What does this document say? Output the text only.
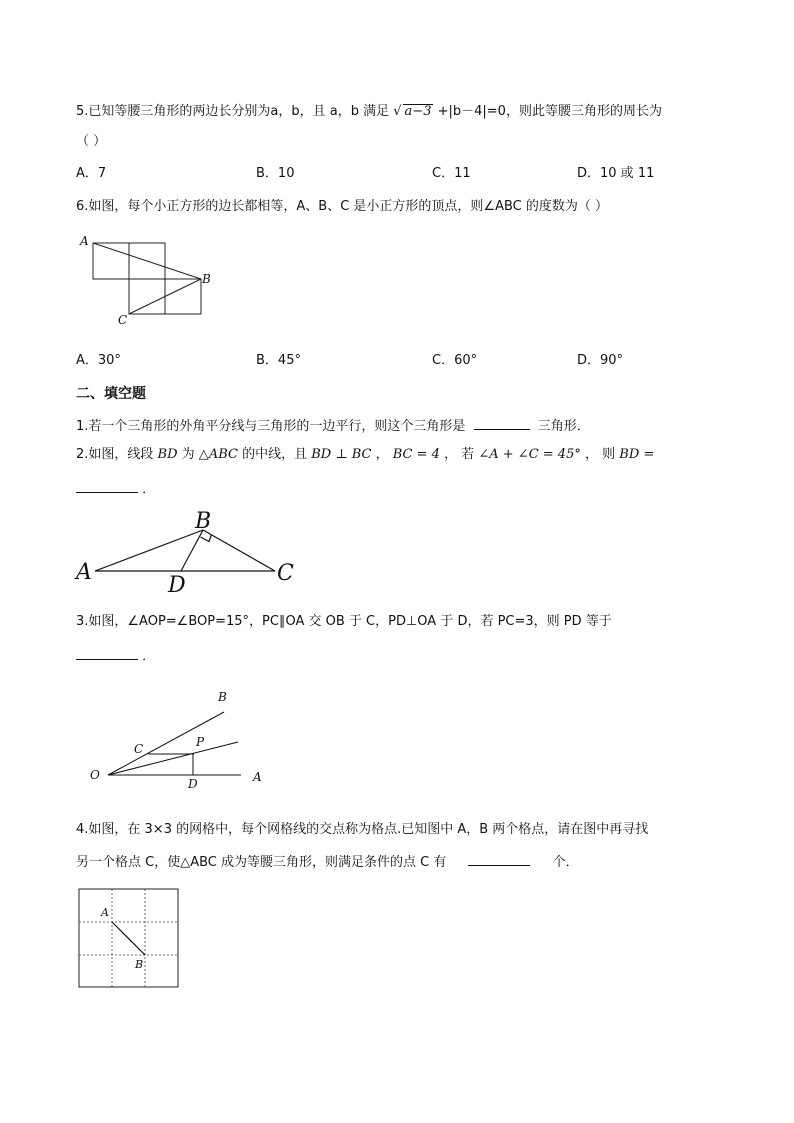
5.已知等腰三角形的两边长分别为a，b，且 a，b 满足 √ a−3 +|b－4|=0，则此等腰三角形的周长为
（ ）
A．7	B．10	C．11	D．10 或 11
6.如图，每个小正方形的边长都相等，A、B、C 是小正方形的顶点，则∠ABC 的度数为（ ）
A
B
C
A．30°	B．45°	C．60°	D．90°
二、填空题
1.若一个三角形的外角平分线与三角形的一边平行，则这个三角形是	三角形．
2.如图，线段 BD 为 △ABC 的中线，且 BD ⊥ BC ， BC = 4 ， 若 ∠A + ∠C = 45° ， 则 BD =
．
A
B
C
D
3.如图，∠AOP=∠BOP=15°，PC∥OA 交 OB 于 C，PD⊥OA 于 D，若 PC=3，则 PD 等于
．
O	A
B
C	P
D
4.如图，在 3×3 的网格中，每个网格线的交点称为格点.已知图中 A，B 两个格点，请在图中再寻找
另一个格点 C，使△ABC 成为等腰三角形，则满足条件的点 C 有	个．
A
B
